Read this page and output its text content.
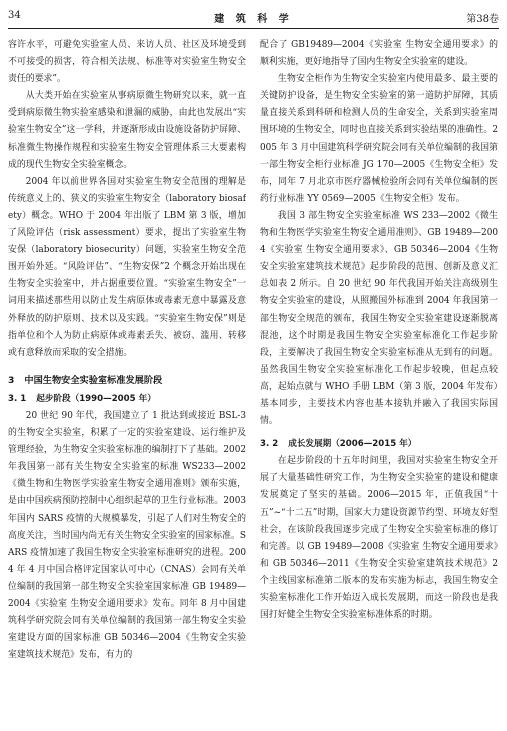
34	建 筑 科 学	第38卷

容许水平，可避免实验室人员、来访人员、社区及环境受到不可接受的损害，符合相关法规、标准等对实验室生物安全责任的要求”。

从大类开始在实验室从事病原微生物研究以来，就一直受到病原微生物实验室感染和泄漏的威胁，由此也发展出“实验室生物安全”这一学科，并逐渐形成由设施设备防护屏障、标准微生物操作规程和实验室生物安全管理体系三大要素构成的现代生物安全实验室概念。

2004 年以前世界各国对实验室生物安全范围的理解是传统意义上的、狭义的实验室生物安全（laboratory biosafety）概念。WHO 于 2004 年出版了 LBM 第 3 版，增加了风险评估（risk assessment）要求，提出了实验室生物安保（laboratory biosecurity）问题，实验室生物安全范围开始外延。“风险评估”、“生物安保”2 个概念开始出现在生物安全实验室中，并占据重要位置。“实验室生物安全”一词用来描述那些用以防止发生病原体或毒素无意中暴露及意外释放的防护原则、技术以及实践。“实验室生物安保”则是指单位和个人为防止病原体或毒素丢失、被窃、滥用、转移或有意释放而采取的安全措施。

3 中国生物安全实验室标准发展阶段
3. 1 起步阶段（1990—2005 年）

20 世纪 90 年代，我国建立了 1 批达到或接近 BSL-3 的生物安全实验室，积累了一定的实验室建设、运行维护及管理经验，为生物安全实验室标准的编制打下了基础。2002 年我国第一部有关生物安全实验室的标准 WS233—2002《微生物和生物医学实验室生物安全通用准则》颁布实施，是由中国疾病预防控制中心组织起草的卫生行业标准。2003 年国内 SARS 疫情的大规模暴发，引起了人们对生物安全的高度关注，当时国内尚无有关生物安全实验室的国家标准。SARS 疫情加速了我国生物安全实验室标准研究的进程。2004 年 4 月中国合格评定国家认可中心（CNAS）会同有关单位编制的我国第一部生物安全实验室国家标准 GB 19489—2004《实验室 生物安全通用要求》发布。同年 8 月中国建筑科学研究院会同有关单位编制的我国第一部生物安全实验室建设方面的国家标准 GB 50346—2004《生物安全实验室建筑技术规范》发布，有力的

配合了 GB19489—2004《实验室 生物安全通用要求》的顺利实施，更好地指导了国内生物安全实验室的建设。

生物安全柜作为生物安全实验室内使用最多、最主要的关键防护设备，是生物安全实验室的第一道防护屏障，其质量直接关系到科研和检测人员的生命安全，关系到实验室周围环境的生物安全，同时也直接关系到实验结果的准确性。2005 年 3 月中国建筑科学研究院会同有关单位编制的我国第一部生物安全柜行业标准 JG 170—2005《生物安全柜》发布，同年 7 月北京市医疗器械检验所会同有关单位编制的医药行业标准 YY 0569—2005《生物安全柜》发布。

我国 3 部生物安全实验室标准 WS 233—2002《微生物和生物医学实验室生物安全通用准则》、GB 19489—2004《实验室 生物安全通用要求》、GB 50346—2004《生物安全实验室建筑技术规范》起步阶段的范围、创新及意义汇总如表 2 所示。自 20 世纪 90 年代我国开始关注高级别生物安全实验室的建设，从照搬国外标准到 2004 年我国第一部生物安全规范的颁布，我国生物安全实验室建设逐渐脱离混池，这个时期是我国生物安全实验室标准化工作起步阶段，主要解决了我国生物安全实验室标准从无到有的问题。虽然我国生物安全实验室标准化工作起步较晚，但起点较高，起始点就与 WHO 手册 LBM（第 3 版，2004 年发布）基本同步，主要技术内容也基本接轨并融入了我国实际国情。

3. 2 成长发展期（2006—2015 年）

在起步阶段的十五年时间里，我国对实验室生物安全开展了大量基础性研究工作，为生物安全实验室的建设和健康发展奠定了坚实的基础。2006—2015 年，正值我国“十五”~“十二五”时期，国家大力建设资源节约型、环境友好型社会，在该阶段我国逐步完成了生物安全实验室标准的修订和完善。以 GB 19489—2008《实验室 生物安全通用要求》和 GB 50346—2011《生物安全实验室建筑技术规范》2 个主线国家标准第二版本的发布实施为标志，我国生物安全实验室标准化工作开始迈入成长发展期，而这一阶段也是我国打好健全生物安全实验室标准体系的时期。
